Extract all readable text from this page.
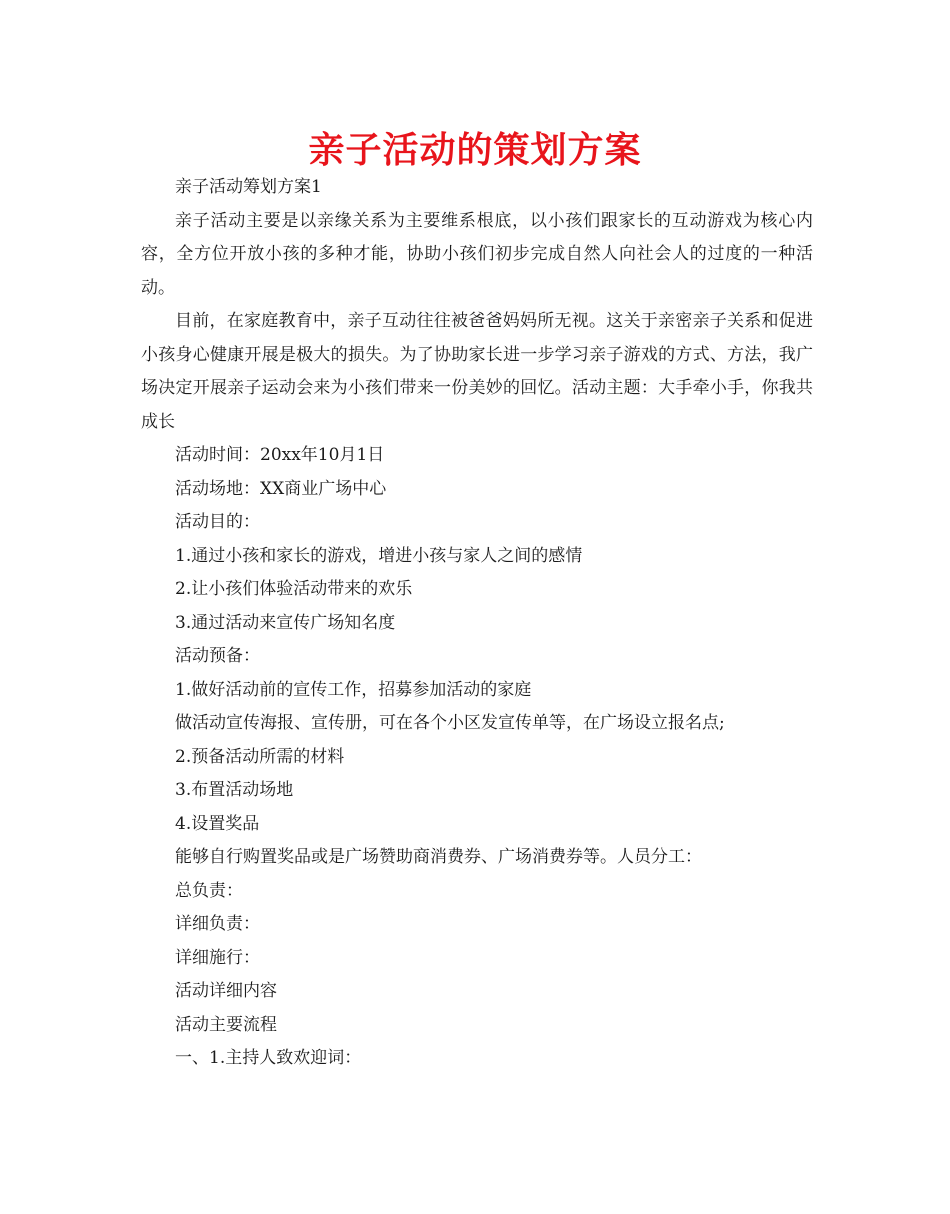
亲子活动的策划方案

亲子活动筹划方案1

亲子活动主要是以亲缘关系为主要维系根底，以小孩们跟家长的互动游戏为核心内容，全方位开放小孩的多种才能，协助小孩们初步完成自然人向社会人的过度的一种活动。

目前，在家庭教育中，亲子互动往往被爸爸妈妈所无视。这关于亲密亲子关系和促进小孩身心健康开展是极大的损失。为了协助家长进一步学习亲子游戏的方式、方法，我广场决定开展亲子运动会来为小孩们带来一份美妙的回忆。活动主题：大手牵小手，你我共成长

活动时间：20xx年10月1日

活动场地：XX商业广场中心

活动目的：

1.通过小孩和家长的游戏，增进小孩与家人之间的感情

2.让小孩们体验活动带来的欢乐

3.通过活动来宣传广场知名度

活动预备：

1.做好活动前的宣传工作，招募参加活动的家庭

做活动宣传海报、宣传册，可在各个小区发宣传单等，在广场设立报名点;

2.预备活动所需的材料

3.布置活动场地

4.设置奖品

能够自行购置奖品或是广场赞助商消费券、广场消费券等。人员分工：

总负责：

详细负责：

详细施行：

活动详细内容

活动主要流程

一、1.主持人致欢迎词：
